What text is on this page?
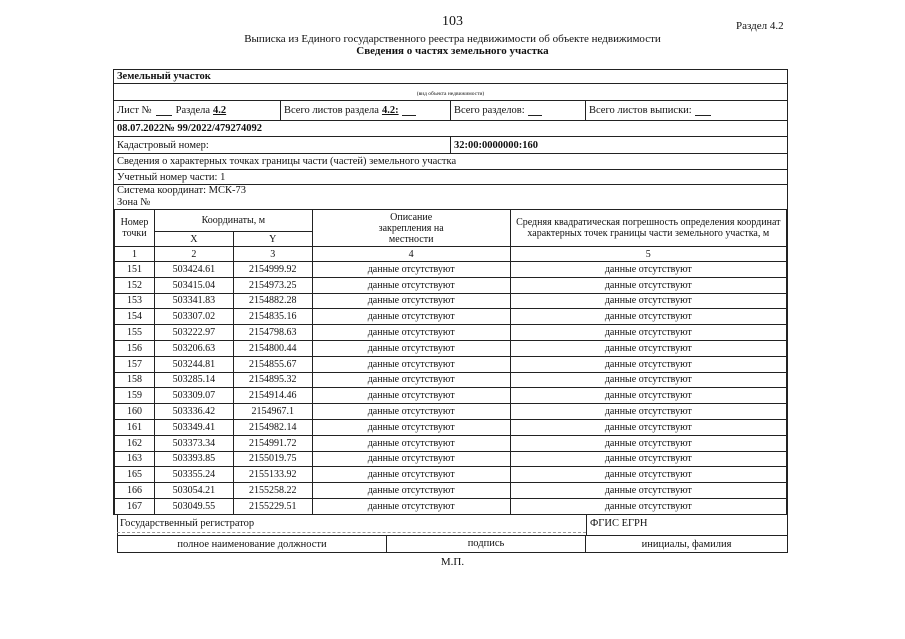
103	Раздел 4.2
Выписка из Единого государственного реестра недвижимости об объекте недвижимости
Сведения о частях земельного участка
Земельный участок
(вид объекта недвижимости)
Лист № Раздела 4.2	Всего листов раздела 4.2:	Всего разделов:	Всего листов выписки:
08.07.2022№ 99/2022/479274092
Кадастровый номер:	32:00:0000000:160
Сведения о характерных точках границы части (частей) земельного участка
Учетный номер части: 1
Система координат: МСК-73
Зона №
Номер точки	Координаты, м		Описание закрепления на местности	Средняя квадратическая погрешность определения координат характерных точек границы части земельного участка, м
	X	Y		
1	2	3	4	5
151	503424.61	2154999.92	данные отсутствуют	данные отсутствуют
152	503415.04	2154973.25	данные отсутствуют	данные отсутствуют
153	503341.83	2154882.28	данные отсутствуют	данные отсутствуют
154	503307.02	2154835.16	данные отсутствуют	данные отсутствуют
155	503222.97	2154798.63	данные отсутствуют	данные отсутствуют
156	503206.63	2154800.44	данные отсутствуют	данные отсутствуют
157	503244.81	2154855.67	данные отсутствуют	данные отсутствуют
158	503285.14	2154895.32	данные отсутствуют	данные отсутствуют
159	503309.07	2154914.46	данные отсутствуют	данные отсутствуют
160	503336.42	2154967.1	данные отсутствуют	данные отсутствуют
161	503349.41	2154982.14	данные отсутствуют	данные отсутствуют
162	503373.34	2154991.72	данные отсутствуют	данные отсутствуют
163	503393.85	2155019.75	данные отсутствуют	данные отсутствуют
165	503355.24	2155133.92	данные отсутствуют	данные отсутствуют
166	503054.21	2155258.22	данные отсутствуют	данные отсутствуют
167	503049.55	2155229.51	данные отсутствуют	данные отсутствуют
Государственный регистратор	ФГИС ЕГРН
полное наименование должности	подпись	инициалы, фамилия
М.П.
